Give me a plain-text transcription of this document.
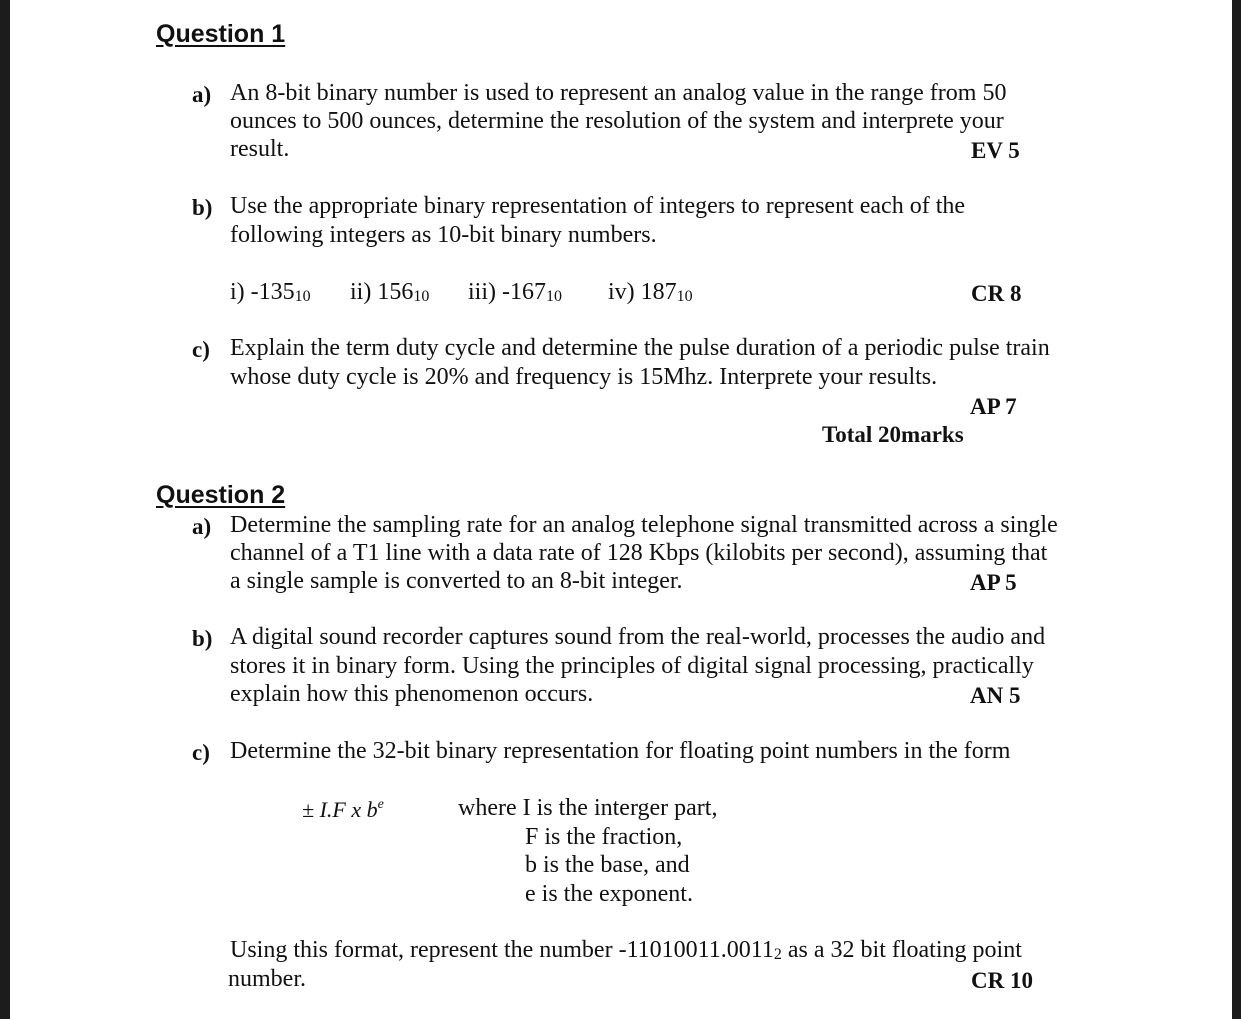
Question 1
a) An 8-bit binary number is used to represent an analog value in the range from 50
ounces to 500 ounces, determine the resolution of the system and interprete your
result.	EV 5
b) Use the appropriate binary representation of integers to represent each of the
following integers as 10-bit binary numbers.
i) $-135_{10}$ ii) $156_{10}$ iii) $-167_{10}$ iv) $187_{10}$	CR 8
c) Explain the term duty cycle and determine the pulse duration of a periodic pulse train
whose duty cycle is 20% and frequency is 15Mhz. Interprete your results.
AP 7
Total 20marks
Question 2
a) Determine the sampling rate for an analog telephone signal transmitted across a single
channel of a T1 line with a data rate of 128 Kbps (kilobits per second), assuming that
a single sample is converted to an 8-bit integer.	AP 5
b) A digital sound recorder captures sound from the real-world, processes the audio and
stores it in binary form. Using the principles of digital signal processing, practically
explain how this phenomenon occurs.	AN 5
c) Determine the 32-bit binary representation for floating point numbers in the form
± I.F x $b^e$	where I is the interger part,
F is the fraction,
b is the base, and
e is the exponent.
Using this format, represent the number $-11010011.0011_2$ as a 32 bit floating point
number.	CR 10
